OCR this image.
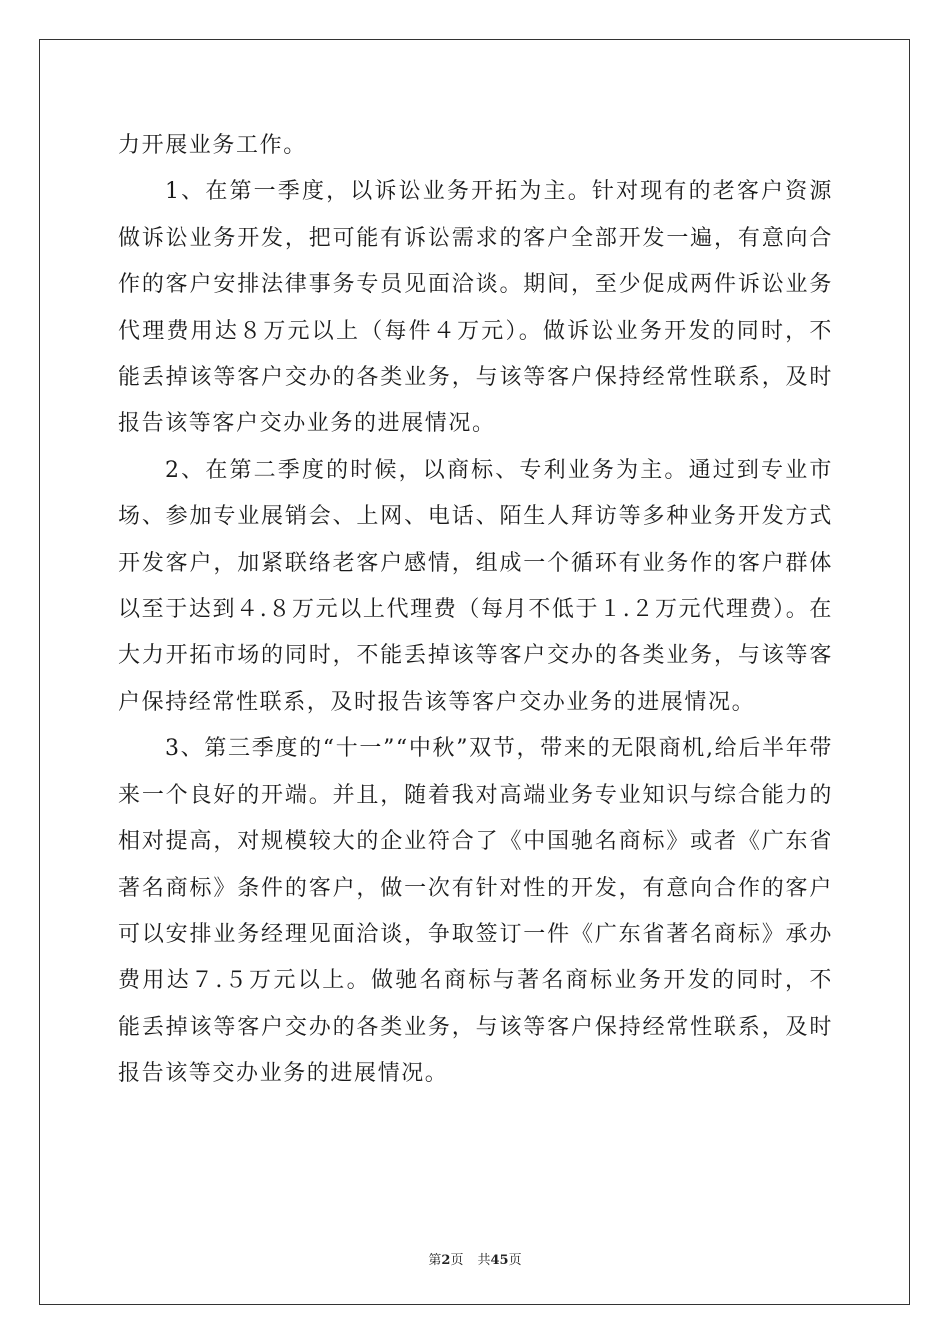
力开展业务工作。

1、在第一季度，以诉讼业务开拓为主。针对现有的老客户资源做诉讼业务开发，把可能有诉讼需求的客户全部开发一遍，有意向合作的客户安排法律事务专员见面洽谈。期间，至少促成两件诉讼业务代理费用达８万元以上（每件４万元）。做诉讼业务开发的同时，不能丢掉该等客户交办的各类业务，与该等客户保持经常性联系，及时报告该等客户交办业务的进展情况。

2、在第二季度的时候，以商标、专利业务为主。通过到专业市场、参加专业展销会、上网、电话、陌生人拜访等多种业务开发方式开发客户，加紧联络老客户感情，组成一个循环有业务作的客户群体以至于达到４.８万元以上代理费（每月不低于１.２万元代理费）。在大力开拓市场的同时，不能丢掉该等客户交办的各类业务，与该等客户保持经常性联系，及时报告该等客户交办业务的进展情况。

3、第三季度的“十一”“中秋”双节，带来的无限商机,给后半年带来一个良好的开端。并且，随着我对高端业务专业知识与综合能力的相对提高，对规模较大的企业符合了《中国驰名商标》或者《广东省著名商标》条件的客户，做一次有针对性的开发，有意向合作的客户可以安排业务经理见面洽谈，争取签订一件《广东省著名商标》承办费用达７.５万元以上。做驰名商标与著名商标业务开发的同时，不能丢掉该等客户交办的各类业务，与该等客户保持经常性联系，及时报告该等交办业务的进展情况。

第2页 共45页
